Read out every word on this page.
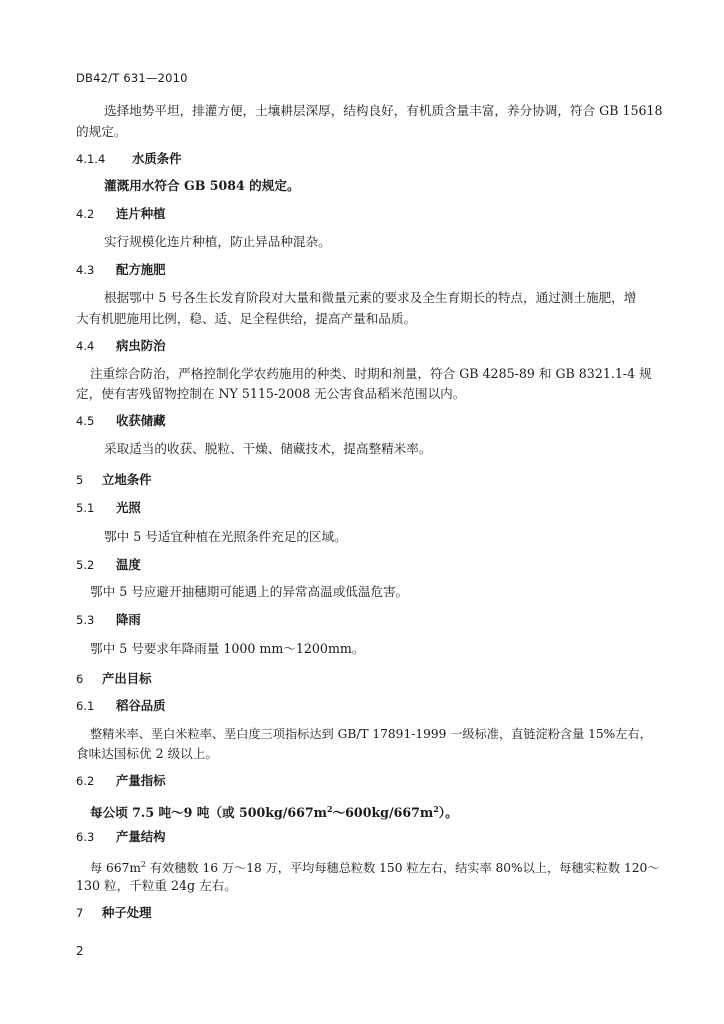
DB42/T 631—2010
选择地势平坦，排灌方便，土壤耕层深厚，结构良好，有机质含量丰富，养分协调，符合 GB 15618
的规定。
4.1.4 水质条件
灌溉用水符合 GB 5084 的规定。
4.2 连片种植
实行规模化连片种植，防止异品种混杂。
4.3 配方施肥
根据鄂中 5 号各生长发育阶段对大量和微量元素的要求及全生育期长的特点，通过测土施肥，增
大有机肥施用比例，稳、适、足全程供给，提高产量和品质。
4.4 病虫防治
注重综合防治，严格控制化学农药施用的种类、时期和剂量，符合 GB 4285-89 和 GB 8321.1-4 规
定，使有害残留物控制在 NY 5115-2008 无公害食品稻米范围以内。
4.5 收获储藏
采取适当的收获、脱粒、干燥、储藏技术，提高整精米率。
5 立地条件
5.1 光照
鄂中 5 号适宜种植在光照条件充足的区域。
5.2 温度
鄂中 5 号应避开抽穗期可能遇上的异常高温或低温危害。
5.3 降雨
鄂中 5 号要求年降雨量 1000 mm～1200mm。
6 产出目标
6.1 稻谷品质
整精米率、垩白米粒率、垩白度三项指标达到 GB/T 17891-1999 一级标准，直链淀粉含量 15%左右，
食味达国标优 2 级以上。
6.2 产量指标
每公顷 7.5 吨～9 吨（或 $500kg/667m^2\sim 600kg/667m^2$）。
6.3 产量结构
每 $667m^2$ 有效穗数 16 万～18 万，平均每穗总粒数 150 粒左右，结实率 80%以上，每穗实粒数 120～
130 粒，千粒重 24g 左右。
7 种子处理
2
